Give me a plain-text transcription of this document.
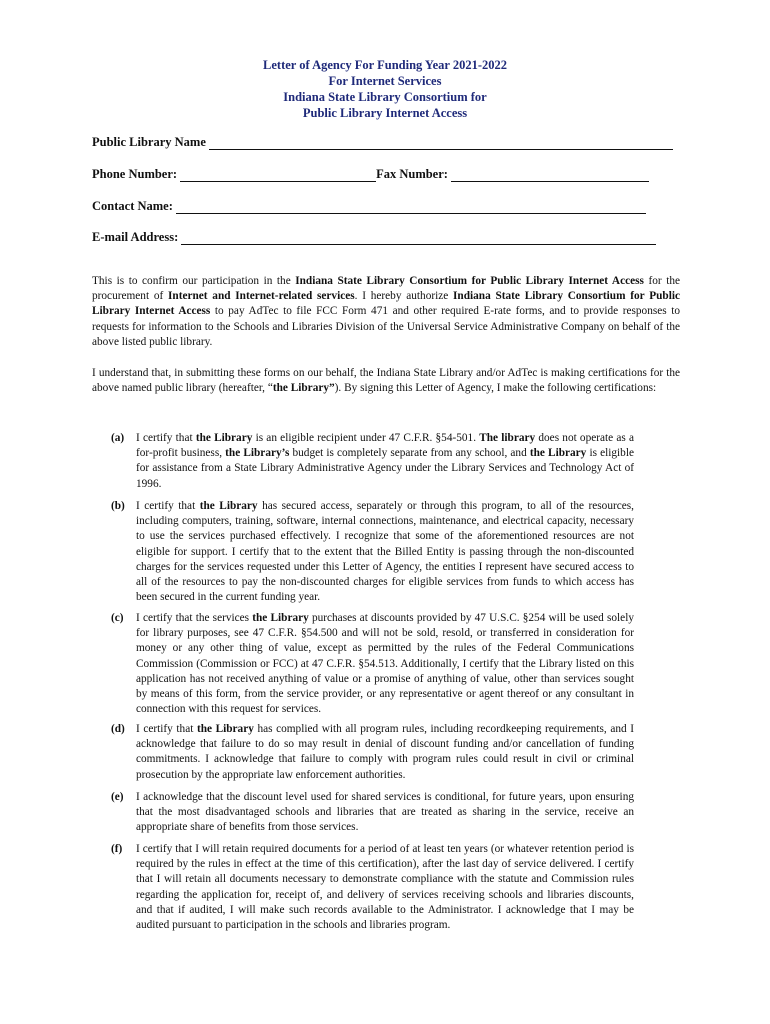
Letter of Agency For Funding Year 2021-2022
For Internet Services
Indiana State Library Consortium for
Public Library Internet Access
Public Library Name
Phone Number:	Fax Number:
Contact Name:
E-mail Address:
This is to confirm our participation in the Indiana State Library Consortium for Public Library Internet Access for the procurement of Internet and Internet-related services. I hereby authorize Indiana State Library Consortium for Public Library Internet Access to pay AdTec to file FCC Form 471 and other required E-rate forms, and to provide responses to requests for information to the Schools and Libraries Division of the Universal Service Administrative Company on behalf of the above listed public library.
I understand that, in submitting these forms on our behalf, the Indiana State Library and/or AdTec is making certifications for the above named public library (hereafter, “the Library”). By signing this Letter of Agency, I make the following certifications:
(a)	I certify that the Library is an eligible recipient under 47 C.F.R. §54-501. The library does not operate as a for-profit business, the Library’s budget is completely separate from any school, and the Library is eligible for assistance from a State Library Administrative Agency under the Library Services and Technology Act of 1996.
(b) I certify that the Library has secured access, separately or through this program, to all of the resources, including computers, training, software, internal connections, maintenance, and electrical capacity, necessary to use the services purchased effectively. I recognize that some of the aforementioned resources are not eligible for support. I certify that to the extent that the Billed Entity is passing through the non-discounted charges for the services requested under this Letter of Agency, the entities I represent have secured access to all of the resources to pay the non-discounted charges for eligible services from funds to which access has been secured in the current funding year.
(c)	I certify that the services the Library purchases at discounts provided by 47 U.S.C. §254 will be used solely for library purposes, see 47 C.F.R. §54.500 and will not be sold, resold, or transferred in consideration for money or any other thing of value, except as permitted by the rules of the Federal Communications Commission (Commission or FCC) at 47 C.F.R. §54.513. Additionally, I certify that the Library listed on this application has not received anything of value or a promise of anything of value, other than services sought by means of this form, from the service provider, or any representative or agent thereof or any consultant in connection with this request for services.
(d) I certify that the Library has complied with all program rules, including recordkeeping requirements, and I acknowledge that failure to do so may result in denial of discount funding and/or cancellation of funding commitments. I acknowledge that failure to comply with program rules could result in civil or criminal prosecution by the appropriate law enforcement authorities.
(e)	I acknowledge that the discount level used for shared services is conditional, for future years, upon ensuring that the most disadvantaged schools and libraries that are treated as sharing in the service, receive an appropriate share of benefits from those services.
(f)	I certify that I will retain required documents for a period of at least ten years (or whatever retention period is required by the rules in effect at the time of this certification), after the last day of service delivered. I certify that I will retain all documents necessary to demonstrate compliance with the statute and Commission rules regarding the application for, receipt of, and delivery of services receiving schools and libraries discounts, and that if audited, I will make such records available to the Administrator. I acknowledge that I may be audited pursuant to participation in the schools and libraries program.
